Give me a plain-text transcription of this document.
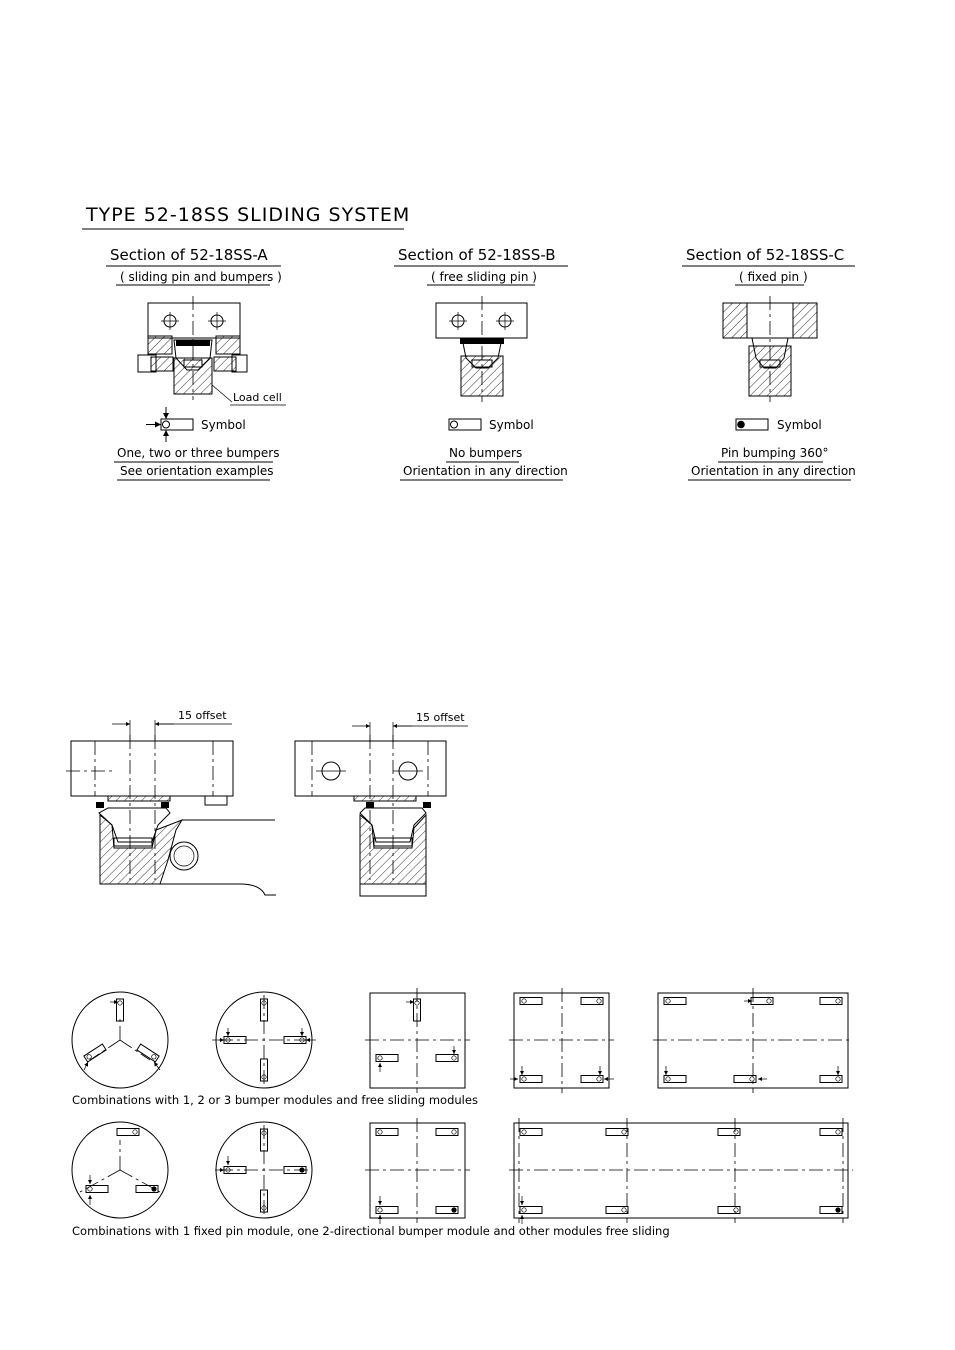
TYPE 52-18SS SLIDING SYSTEM
Section of 52-18SS-A
( sliding pin and bumpers )
Load cell
Symbol
One, two or three bumpers
See orientation examples
Section of 52-18SS-B
( free sliding pin )
Symbol
No bumpers
Orientation in any direction
Section of 52-18SS-C
( fixed pin )
Symbol
Pin bumping 360°
Orientation in any direction
15 offset	15 offset
Combinations with 1, 2 or 3 bumper modules and free sliding modules
Combinations with 1 fixed pin module, one 2-directional bumper module and other modules free sliding
